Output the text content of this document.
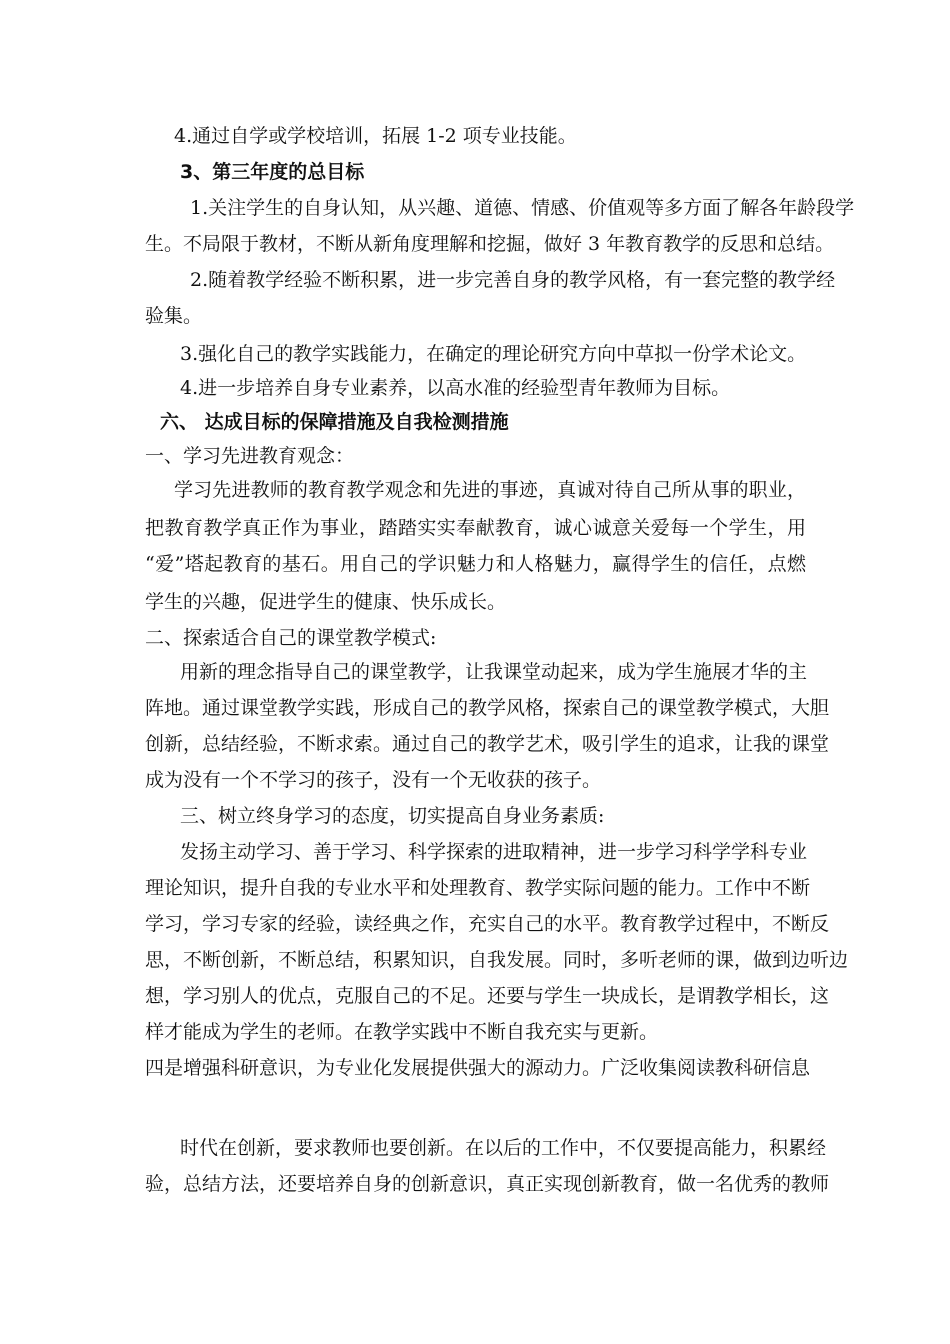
4.通过自学或学校培训，拓展 1-2 项专业技能。
3、第三年度的总目标
1.关注学生的自身认知，从兴趣、道德、情感、价值观等多方面了解各年龄段学
生。不局限于教材，不断从新角度理解和挖掘，做好 3 年教育教学的反思和总结。
2.随着教学经验不断积累，进一步完善自身的教学风格，有一套完整的教学经
验集。
3.强化自己的教学实践能力，在确定的理论研究方向中草拟一份学术论文。
4.进一步培养自身专业素养，以高水准的经验型青年教师为目标。
六、 达成目标的保障措施及自我检测措施
一、学习先进教育观念：
学习先进教师的教育教学观念和先进的事迹，真诚对待自己所从事的职业，
把教育教学真正作为事业，踏踏实实奉献教育，诚心诚意关爱每一个学生，用
“爱”塔起教育的基石。用自己的学识魅力和人格魅力，赢得学生的信任，点燃
学生的兴趣，促进学生的健康、快乐成长。
二、探索适合自己的课堂教学模式:
用新的理念指导自己的课堂教学，让我课堂动起来，成为学生施展才华的主
阵地。通过课堂教学实践，形成自己的教学风格，探索自己的课堂教学模式，大胆
创新，总结经验，不断求索。通过自己的教学艺术，吸引学生的追求，让我的课堂
成为没有一个不学习的孩子，没有一个无收获的孩子。
三、树立终身学习的态度，切实提高自身业务素质:
发扬主动学习、善于学习、科学探索的进取精神，进一步学习科学学科专业
理论知识，提升自我的专业水平和处理教育、教学实际问题的能力。工作中不断
学习，学习专家的经验，读经典之作，充实自己的水平。教育教学过程中，不断反
思，不断创新，不断总结，积累知识，自我发展。同时，多听老师的课，做到边听边
想，学习别人的优点，克服自己的不足。还要与学生一块成长，是谓教学相长，这
样才能成为学生的老师。在教学实践中不断自我充实与更新。
四是增强科研意识，为专业化发展提供强大的源动力。广泛收集阅读教科研信息
时代在创新，要求教师也要创新。在以后的工作中，不仅要提高能力，积累经
验，总结方法，还要培养自身的创新意识，真正实现创新教育，做一名优秀的教师
